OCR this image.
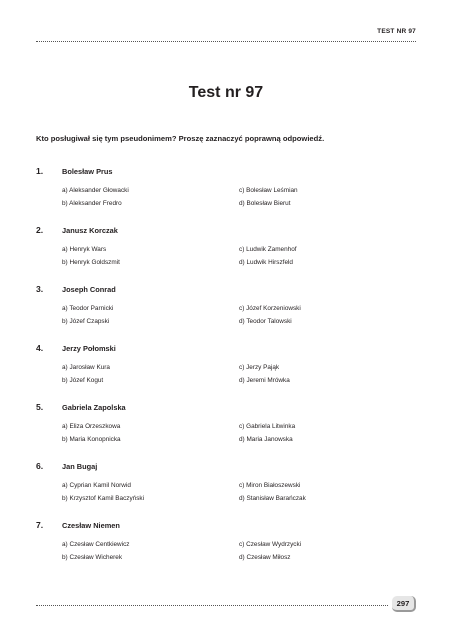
TEST NR 97
Test nr 97
Kto posługiwał się tym pseudonimem? Proszę zaznaczyć poprawną odpowiedź.
1.	Bolesław Prus
a) Aleksander Głowacki	c) Bolesław Leśmian
b) Aleksander Fredro	d) Bolesław Bierut
2.	Janusz Korczak
a) Henryk Wars	c) Ludwik Zamenhof
b) Henryk Goldszmit	d) Ludwik Hirszfeld
3.	Joseph Conrad
a) Teodor Parnicki	c) Józef Korzeniowski
b) Józef Czapski	d) Teodor Talowski
4.	Jerzy Połomski
a) Jarosław Kura	c) Jerzy Pająk
b) Józef Kogut	d) Jeremi Mrówka
5.	Gabriela Zapolska
a) Eliza Orzeszkowa	c) Gabriela Litwinka
b) Maria Konopnicka	d) Maria Janowska
6.	Jan Bugaj
a) Cyprian Kamil Norwid	c) Miron Białoszewski
b) Krzysztof Kamil Baczyński	d) Stanisław Barańczak
7.	Czesław Niemen
a) Czesław Centkiewicz	c) Czesław Wydrzycki
b) Czesław Wicherek	d) Czesław Miłosz
297
